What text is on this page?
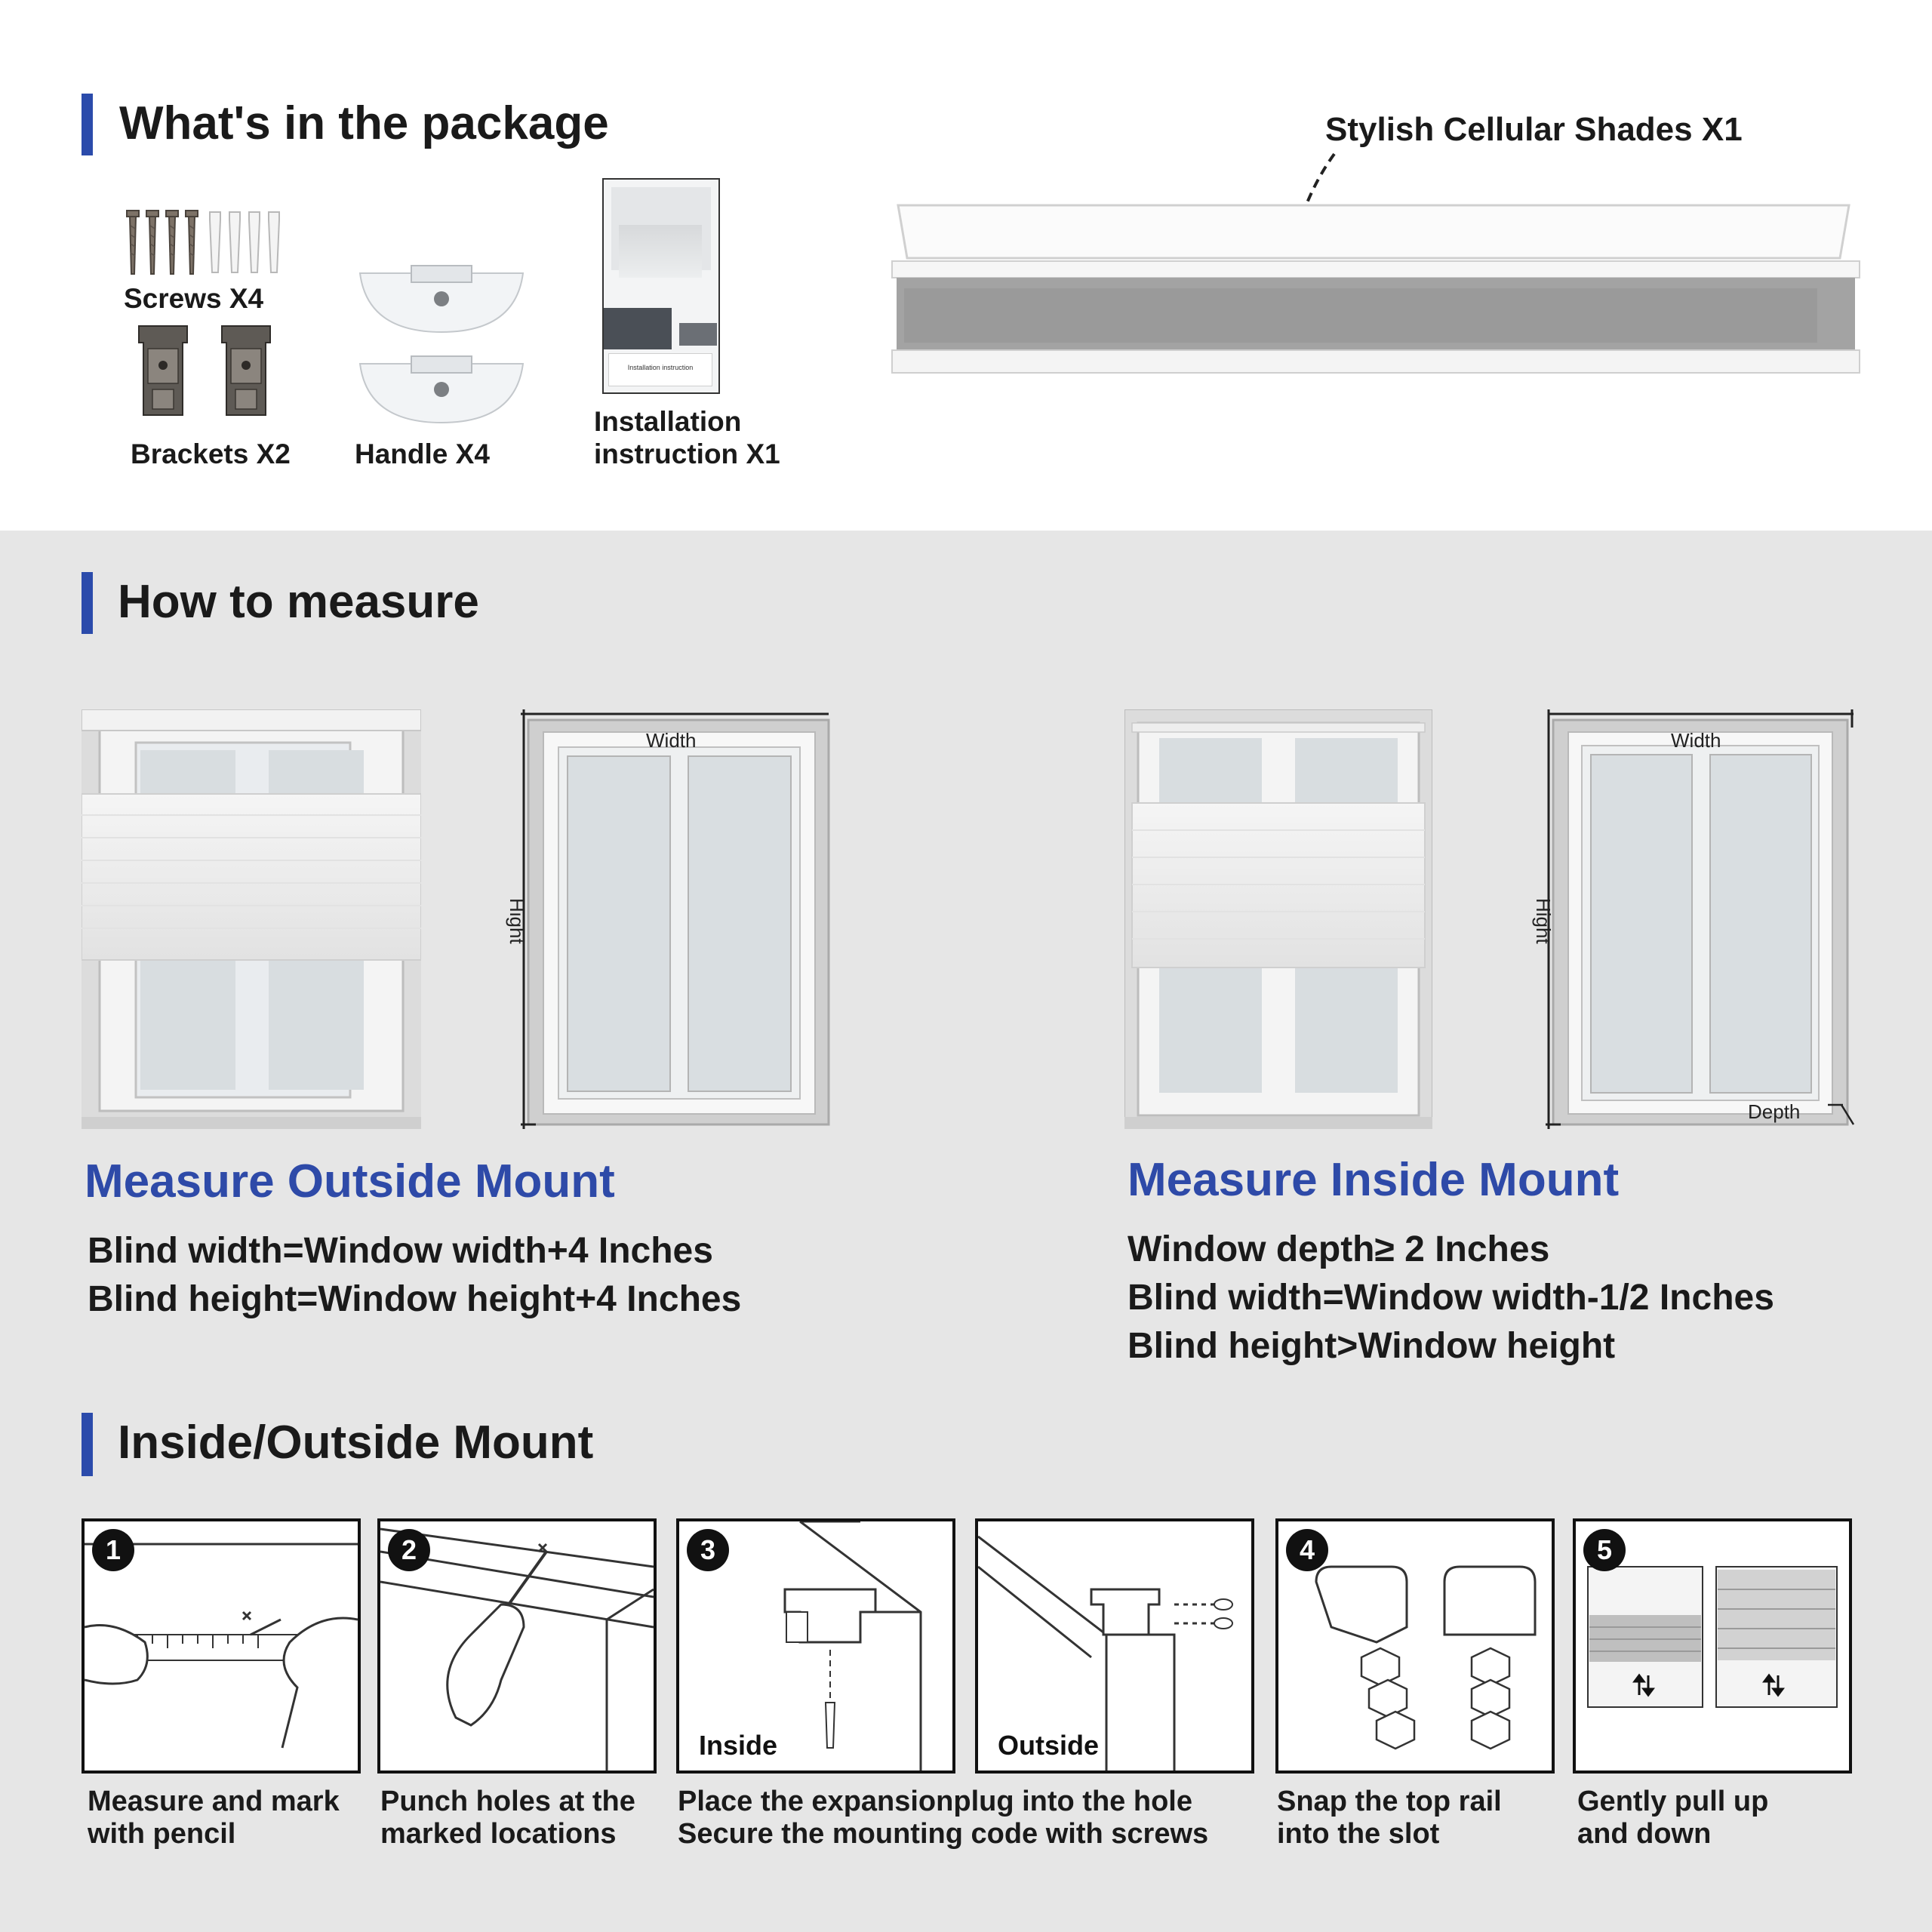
What's in the package
Screws X4
Brackets X2 Handle X4
Installation instruction
Installation
instruction X1
Stylish Cellular Shades X1
How to measure
Width
Hight
Width
Hight
Depth
Measure Outside Mount
Blind width=Window width+4 Inches
Blind height=Window height+4 Inches
Measure Inside Mount
Window depth≥ 2 Inches
Blind width=Window width-1/2 Inches
Blind height>Window height
Inside/Outside Mount
1
Measure and mark
with pencil
2
Punch holes at the
marked locations
3
Inside	Outside
Place the expansionplug into the hole
Secure the mounting code with screws
4
Snap the top rail
into the slot
5
Gently pull up
and down
